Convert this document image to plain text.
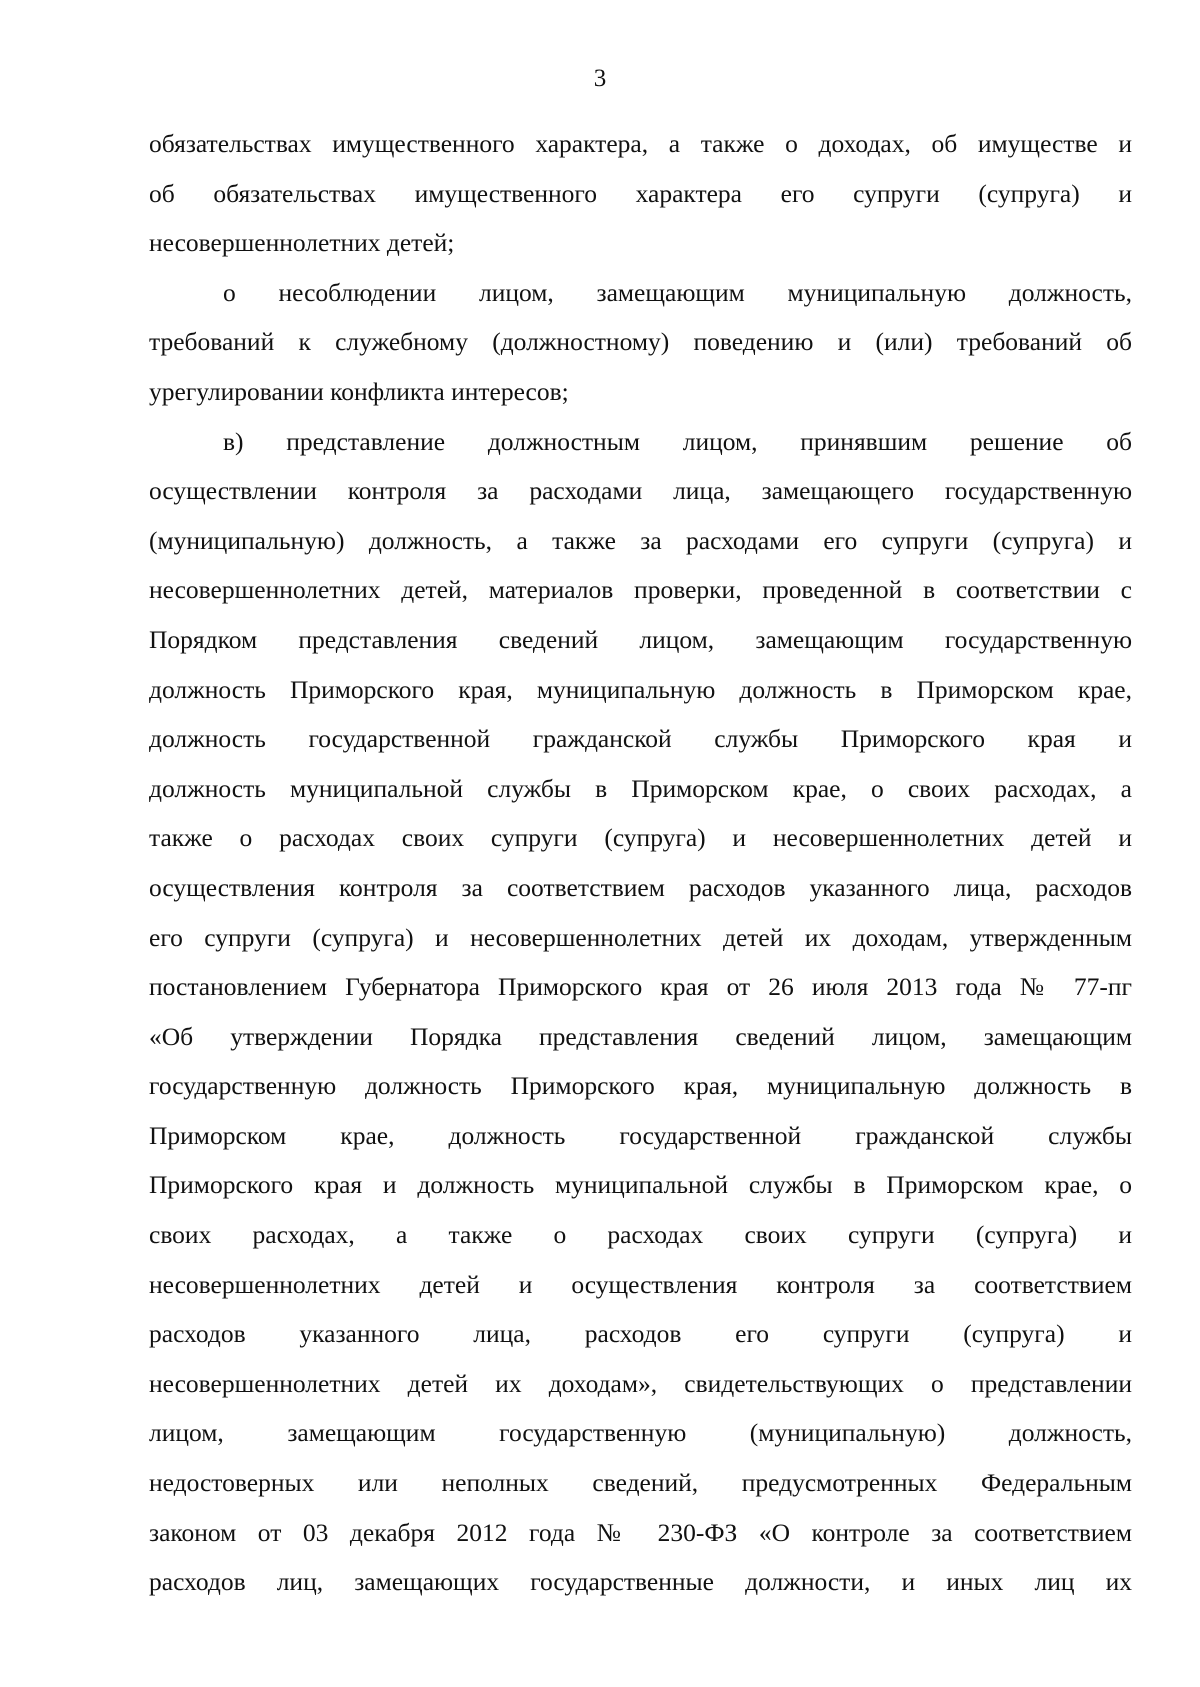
3
обязательствах имущественного характера, а также о доходах, об имуществе и
об обязательствах имущественного характера его супруги (супруга) и
несовершеннолетних детей;
о несоблюдении лицом, замещающим муниципальную должность,
требований к служебному (должностному) поведению и (или) требований об
урегулировании конфликта интересов;
в) представление должностным лицом, принявшим решение об
осуществлении контроля за расходами лица, замещающего государственную
(муниципальную) должность, а также за расходами его супруги (супруга) и
несовершеннолетних детей, материалов проверки, проведенной в соответствии с
Порядком представления сведений лицом, замещающим государственную
должность Приморского края, муниципальную должность в Приморском крае,
должность государственной гражданской службы Приморского края и
должность муниципальной службы в Приморском крае, о своих расходах, а
также о расходах своих супруги (супруга) и несовершеннолетних детей и
осуществления контроля за соответствием расходов указанного лица, расходов
его супруги (супруга) и несовершеннолетних детей их доходам, утвержденным
постановлением Губернатора Приморского края от 26 июля 2013 года № 77-пг
«Об утверждении Порядка представления сведений лицом, замещающим
государственную должность Приморского края, муниципальную должность в
Приморском крае, должность государственной гражданской службы
Приморского края и должность муниципальной службы в Приморском крае, о
своих расходах, а также о расходах своих супруги (супруга) и
несовершеннолетних детей и осуществления контроля за соответствием
расходов указанного лица, расходов его супруги (супруга) и
несовершеннолетних детей их доходам», свидетельствующих о представлении
лицом, замещающим государственную (муниципальную) должность,
недостоверных или неполных сведений, предусмотренных Федеральным
законом от 03 декабря 2012 года № 230-ФЗ «О контроле за соответствием
расходов лиц, замещающих государственные должности, и иных лиц их
